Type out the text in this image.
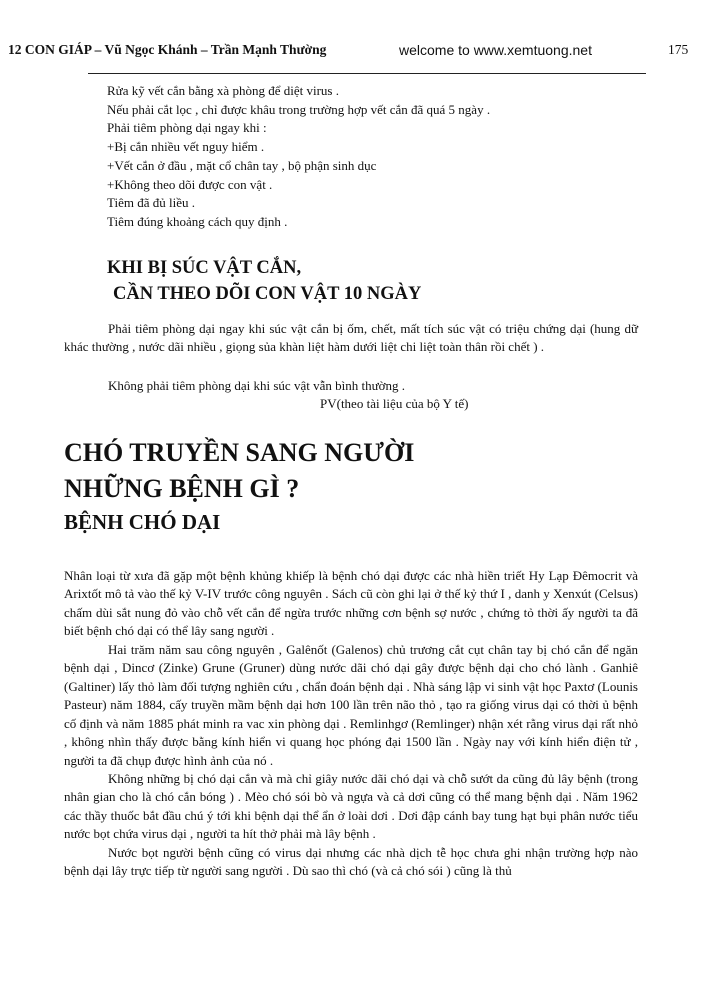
12 CON GIÁP – Vũ Ngọc Khánh – Trần Mạnh Thường	welcome to www.xemtuong.net	175
Rửa kỹ vết cắn bằng xà phòng để diệt virus .
Nếu phải cắt lọc , chỉ được khâu trong trường hợp vết cắn đã quá 5 ngày .
Phải tiêm phòng dại ngay khi :
+Bị cắn nhiều vết nguy hiểm .
+Vết cắn ở đầu , mặt cổ chân tay , bộ phận sinh dục
+Không theo dõi được con vật .
Tiêm đã đủ liều .
Tiêm đúng khoảng cách quy định .
KHI BỊ SÚC VẬT CẮN,
CẦN THEO DÕI CON VẬT 10 NGÀY
Phải tiêm phòng dại ngay khi súc vật cắn bị ốm, chết, mất tích súc vật có triệu chứng dại (hung dữ khác thường , nước dãi nhiều , giọng sủa khàn liệt hàm dưới liệt chi liệt toàn thân rồi chết ) .
Không phải tiêm phòng dại khi súc vật vẫn bình thường .
PV(theo tài liệu của bộ Y tế)
CHÓ TRUYỀN SANG NGƯỜI
NHỮNG BỆNH GÌ ?
BỆNH CHÓ DẠI

Nhân loại từ xưa đã gặp một bệnh khủng khiếp là bệnh chó dại được các nhà hiền triết Hy Lạp Đêmocrit và Arixtốt mô tả vào thế kỷ V-IV trước công nguyên . Sách cũ còn ghi lại ở thế kỷ thứ I , danh y Xenxút (Celsus) chấm dùi sắt nung đỏ vào chỗ vết cắn để ngừa trước những cơn bệnh sợ nước , chứng tỏ thời ấy người ta đã biết bệnh chó dại có thể lây sang người .

Hai trăm năm sau công nguyên , Galênốt (Galenos) chủ trương cắt cụt chân tay bị chó cắn để ngăn bệnh dại , Dincơ (Zinke) Grune (Gruner) dùng nước dãi chó dại gây được bệnh dại cho chó lành . Ganhiê (Galtiner) lấy thỏ làm đối tượng nghiên cứu , chẩn đoán bệnh dại . Nhà sáng lập vi sinh vật học Paxtơ (Lounis Pasteur) năm 1884, cấy truyền mầm bệnh dại hơn 100 lần trên não thỏ , tạo ra giống virus dại có thời ủ bệnh cố định và năm 1885 phát minh ra vac xin phòng dại . Remlinhgơ (Remlinger) nhận xét rằng virus dại rất nhỏ , không nhìn thấy được bằng kính hiển vi quang học phóng đại 1500 lần . Ngày nay với kính hiển điện tử , người ta đã chụp được hình ảnh của nó .

Không những bị chó dại cắn và mà chỉ giây nước dãi chó dại và chỗ sướt da cũng đủ lây bệnh (trong nhân gian cho là chó cắn bóng ) . Mèo chó sói bò và ngựa và cả dơi cũng có thể mang bệnh dại . Năm 1962 các thầy thuốc bắt đầu chú ý tới khi bệnh dại thể ẩn ở loài dơi . Dơi đập cánh bay tung hạt bụi phân nước tiểu nước bọt chứa virus dại , người ta hít thở phải mà lây bệnh .

Nước bọt người bệnh cũng có virus dại nhưng các nhà dịch tễ học chưa ghi nhận trường hợp nào bệnh dại lây trực tiếp từ người sang người . Dù sao thì chó (và cả chó sói ) cũng là thủ
